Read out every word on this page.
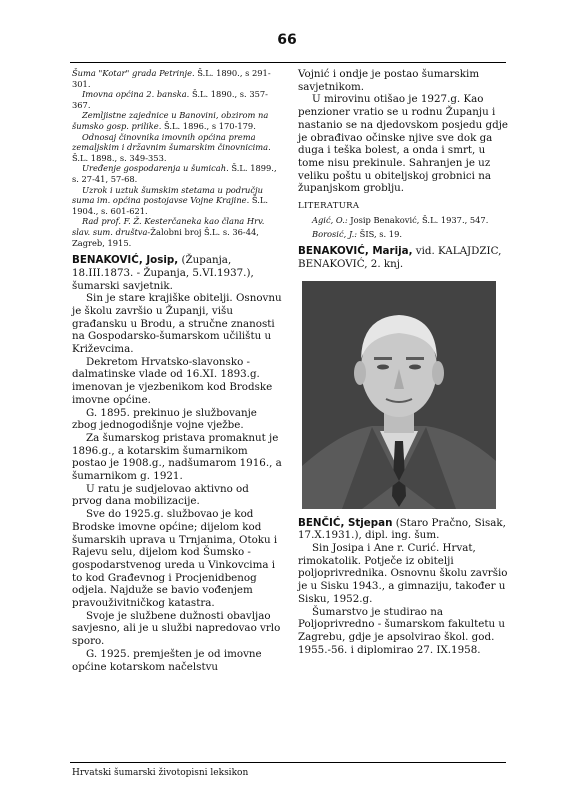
66

Šuma "Kotar" grada Petrinje. Š.L. 1890., s 291-301.

Imovna općina 2. banska. Š.L. 1890., s. 357-367.

Zemljistne zajednice u Banovini, obzirom na šumsko gosp. prilike. Š.L. 1896., s 170-179.

Odnosaj činovnika imovnih općina prema zemaljskim i državnim šumarskim činovnicima. Š.L. 1898., s. 349-353.

Uređenje gospodarenja u šumicah. Š.L. 1899., s. 27-41, 57-68.

Uzrok i uztuk šumskim stetama u području suma im. općina postojavse Vojne Krajine. Š.L. 1904., s. 601-621.

Rad prof. F. Ž. Kesterčaneka kao člana Hrv. slav. sum. društva-Žalobni broj Š.L. s. 36-44, Zagreb, 1915.

BENAKOVIĆ, Josip, (Županja, 18.III.1873. - Županja, 5.VI.1937.), šumarski savjetnik.

Sin je stare krajiške obitelji. Osnovnu je školu završio u Županji, višu građansku u Brodu, a stručne znanosti na Gospodarsko-šumarskom učilištu u Križevcima.

Dekretom Hrvatsko-slavonsko - dalmatinske vlade od 16.XI. 1893.g. imenovan je vjezbenikom kod Brodske imovne općine.

G. 1895. prekinuo je službovanje zbog jednogodišnje vojne vježbe.

Za šumarskog pristava promaknut je 1896.g., a kotarskim šumarnikom postao je 1908.g., nadšumarom 1916., a šumarnikom g. 1921.

U ratu je sudjelovao aktivno od prvog dana mobilizacije.

Sve do 1925.g. službovao je kod Brodske imovne općine; dijelom kod šumarskih uprava u Trnjanima, Otoku i Rajevu selu, dijelom kod Šumsko - gospodarstvenog ureda u Vinkovcima i to kod Građevnog i Procjenidbenog odjela. Najduže se bavio vođenjem pravouživitničkog katastra.

Svoje je službene dužnosti obavljao savjesno, ali je u službi napredovao vrlo sporo.

G. 1925. premješten je od imovne općine kotarskom načelstvu

Vojnić i ondje je postao šumarskim savjetnikom.

U mirovinu otišao je 1927.g. Kao penzioner vratio se u rodnu Županju i nastanio se na djedovskom posjedu gdje je obrađivao očinske njive sve dok ga duga i teška bolest, a onda i smrt, u tome nisu prekinule. Sahranjen je uz veliku poštu u obiteljskoj grobnici na županjskom groblju.

LITERATURA

Agić, O.: Josip Benaković, Š.L. 1937., 547.

Borosić, J.: ŠIS, s. 19.

BENAKOVIĆ, Marija, vid. KALAJDZIC, BENAKOVIĆ, 2. knj.

BENČIĆ, Stjepan (Staro Pračno, Sisak, 17.X.1931.), dipl. ing. šum.

Sin Josipa i Ane r. Curić. Hrvat, rimokatolik. Potječe iz obitelji poljoprivrednika. Osnovnu školu završio je u Sisku 1943., a gimnaziju, također u Sisku, 1952.g.

Šumarstvo je studirao na Poljoprivredno - šumarskom fakultetu u Zagrebu, gdje je apsolvirao škol. god. 1955.-56. i diplomirao 27. IX.1958.

Hrvatski šumarski životopisni leksikon
